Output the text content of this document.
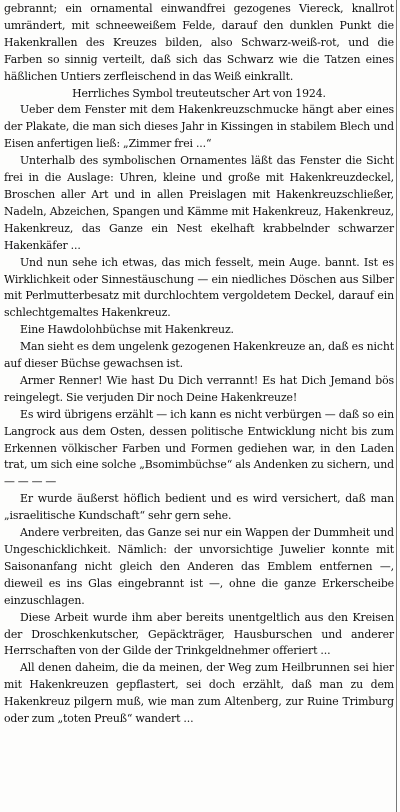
gebrannt; ein ornamental einwandfrei gezogenes Viereck, knallrot umrändert, mit schneeweißem Felde, darauf den dunklen Punkt die Hakenkrallen des Kreuzes bilden, also Schwarz-weiß-rot, und die Farben so sinnig verteilt, daß sich das Schwarz wie die Tatzen eines häßlichen Untiers zerfleischend in das Weiß einkrallt.

Herrliches Symbol treuteutscher Art von 1924.

Ueber dem Fenster mit dem Hakenkreuzschmucke hängt aber eines der Plakate, die man sich dieses Jahr in Kissingen in stabilem Blech und Eisen anfertigen ließ: „Zimmer frei ...“

Unterhalb des symbolischen Ornamentes läßt das Fenster die Sicht frei in die Auslage: Uhren, kleine und große mit Hakenkreuzdeckel, Broschen aller Art und in allen Preislagen mit Hakenkreuzschließer, Nadeln, Abzeichen, Spangen und Kämme mit Hakenkreuz, Hakenkreuz, Hakenkreuz, das Ganze ein Nest ekelhaft krabbelnder schwarzer Hakenkäfer ...

Und nun sehe ich etwas, das mich fesselt, mein Auge. bannt. Ist es Wirklichkeit oder Sinnestäuschung — ein niedliches Döschen aus Silber mit Perlmutterbesatz mit durchlochtem vergoldetem Deckel, darauf ein schlechtgemaltes Hakenkreuz.

Eine Hawdolohbüchse mit Hakenkreuz.

Man sieht es dem ungelenk gezogenen Hakenkreuze an, daß es nicht auf dieser Büchse gewachsen ist.

Armer Renner! Wie hast Du Dich verrannt! Es hat Dich Jemand bös reingelegt. Sie verjuden Dir noch Deine Hakenkreuze!

Es wird übrigens erzählt — ich kann es nicht verbürgen — daß so ein Langrock aus dem Osten, dessen politische Entwicklung nicht bis zum Erkennen völkischer Farben und Formen gediehen war, in den Laden trat, um sich eine solche „Bsomimbüchse“ als Andenken zu sichern, und — — — —

Er wurde äußerst höflich bedient und es wird versichert, daß man „israelitische Kundschaft“ sehr gern sehe.

Andere verbreiten, das Ganze sei nur ein Wappen der Dummheit und Ungeschicklichkeit. Nämlich: der unvorsichtige Juwelier konnte mit Saisonanfang nicht gleich den Anderen das Emblem entfernen —, dieweil es ins Glas eingebrannt ist —, ohne die ganze Erkerscheibe einzuschlagen.

Diese Arbeit wurde ihm aber bereits unentgeltlich aus den Kreisen der Droschkenkutscher, Gepäckträger, Hausburschen und anderer Herrschaften von der Gilde der Trinkgeldnehmer offeriert ...

All denen daheim, die da meinen, der Weg zum Heilbrunnen sei hier mit Hakenkreuzen gepflastert, sei doch erzählt, daß man zu dem Hakenkreuz pilgern muß, wie man zum Altenberg, zur Ruine Trimburg oder zum „toten Preuß“ wandert ...
